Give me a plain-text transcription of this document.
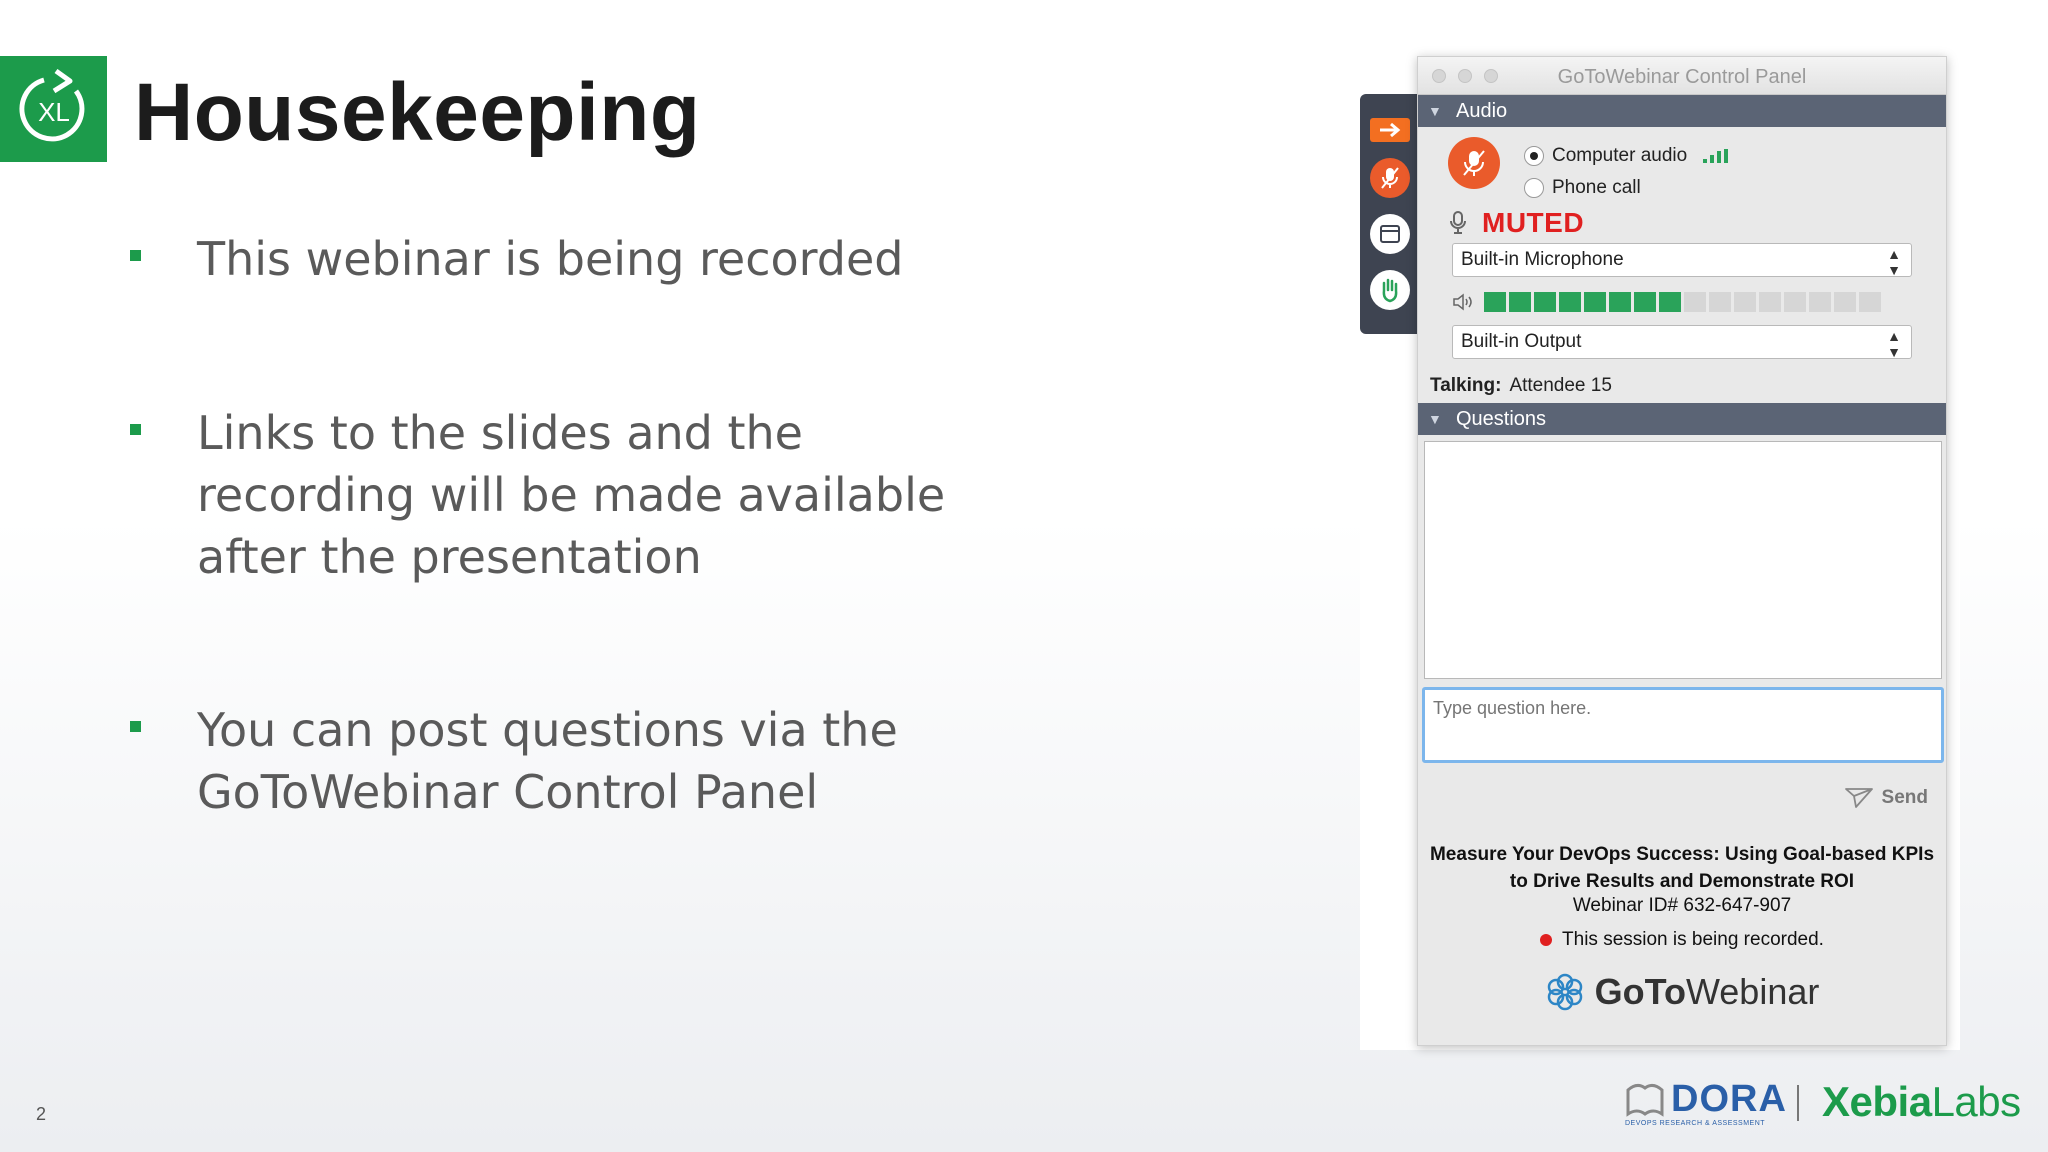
XL Housekeeping
This webinar is being recorded
Links to the slides and the
recording will be made available
after the presentation
You can post questions via the
GoToWebinar Control Panel
2
GoToWebinar Control Panel
▼ Audio
Computer audio
Phone call
MUTED
Built-in Microphone	▲
▼
Built-in Output	▲
▼
Talking: Attendee 15
▼ Questions
Type question here.
Send
Measure Your DevOps Success: Using Goal-based KPIs to Drive Results and Demonstrate ROI
Webinar ID# 632-647-907
This session is being recorded.
GoToWebinar
DORA
DEVOPS RESEARCH & ASSESSMENT XebiaLabs
